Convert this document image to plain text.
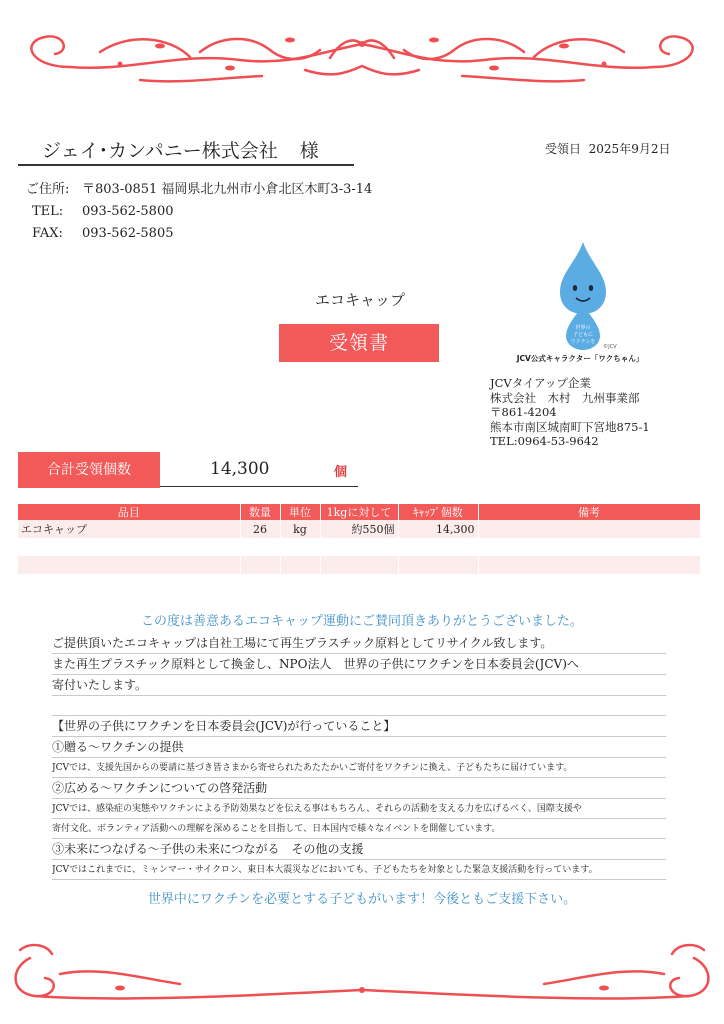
ジェイ･カンパニー株式会社 様	受領日 2025年9月2日
ご住所: 〒803-0851 福岡県北九州市小倉北区木町3-3-14
TEL: 093-562-5800
FAX: 093-562-5805
エコキャップ
受領書
世界の
子どもに
ワクチンを
©JCV
JCV公式キャラクター「ワクちゃん」
JCVタイアップ企業
株式会社　木村　九州事業部
〒861-4204
熊本市南区城南町下宮地875-1
TEL:0964-53-9642
合計受領個数	14,300	個
品目	数量	単位	1kgに対して	ｷｬｯﾌﾟ個数	備考
エコキャップ	26	kg	約550個	14,300	

この度は善意あるエコキャップ運動にご賛同頂きありがとうございました。
ご提供頂いたエコキャップは自社工場にて再生プラスチック原料としてリサイクル致します。
また再生プラスチック原料として換金し、NPO法人　世界の子供にワクチンを日本委員会(JCV)へ
寄付いたします。
【世界の子供にワクチンを日本委員会(JCV)が行っていること】
①贈る～ワクチンの提供
JCVでは、支援先国からの要請に基づき皆さまから寄せられたあたたかいご寄付をワクチンに換え、子どもたちに届けています。
②広める～ワクチンについての啓発活動
JCVでは、感染症の実態やワクチンによる予防効果などを伝える事はもちろん、それらの活動を支える力を広げるべく、国際支援や
寄付文化、ボランティア活動への理解を深めることを目指して、日本国内で様々なイベントを開催しています。
③未来につなげる～子供の未来につながる　その他の支援
JCVではこれまでに、ミャンマー・サイクロン、東日本大震災などにおいても、子どもたちを対象とした緊急支援活動を行っています。
世界中にワクチンを必要とする子どもがいます！今後ともご支援下さい。
